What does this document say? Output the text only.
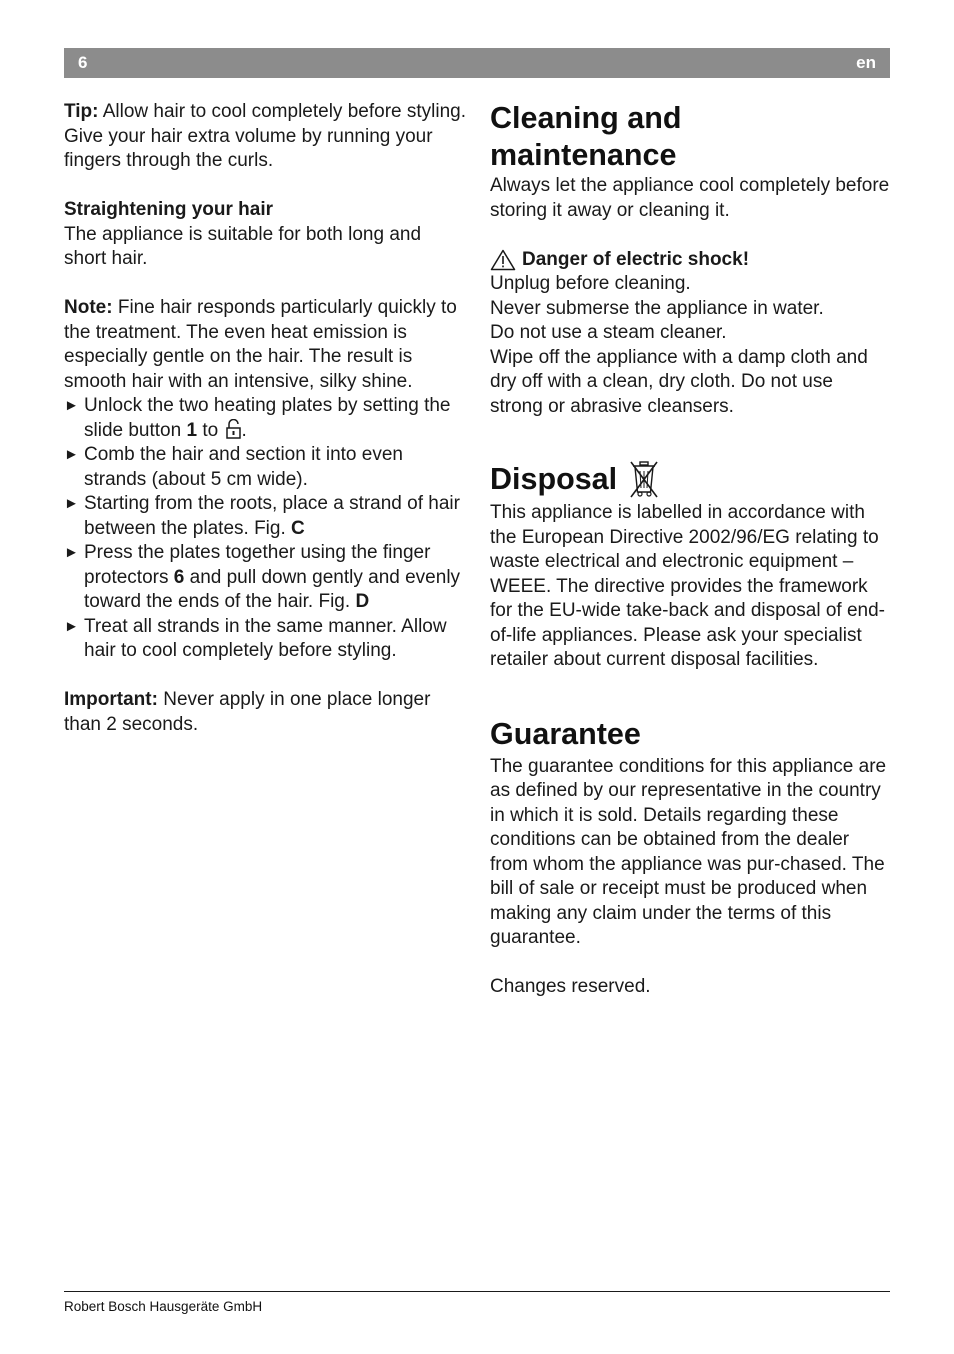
6	en

Tip: Allow hair to cool completely before styling.

Give your hair extra volume by running your fingers through the curls.

Straightening your hair

The appliance is suitable for both long and short hair.

Note: Fine hair responds particularly quickly to the treatment. The even heat emission is especially gentle on the hair. The result is smooth hair with an intensive, silky shine.

► Unlock the two heating plates by setting the slide button 1 to .
► Comb the hair and section it into even strands (about 5 cm wide).
► Starting from the roots, place a strand of hair between the plates. Fig. C
► Press the plates together using the finger protectors 6 and pull down gently and evenly toward the ends of the hair. Fig. D
► Treat all strands in the same manner. Allow hair to cool completely before styling.

Important: Never apply in one place longer than 2 seconds.

Cleaning and
maintenance

Always let the appliance cool completely before storing it away or cleaning it.

Danger of electric shock!

Unplug before cleaning.

Never submerse the appliance in water.

Do not use a steam cleaner.

Wipe off the appliance with a damp cloth and dry off with a clean, dry cloth. Do not use strong or abrasive cleansers.

Disposal

This appliance is labelled in accordance with the European Directive 2002/96/EG relating to waste electrical and electronic equipment – WEEE. The directive provides the framework for the EU-wide take-back and disposal of end-of-life appliances. Please ask your specialist retailer about current disposal facilities.

Guarantee

The guarantee conditions for this appliance are as defined by our representative in the country in which it is sold. Details regarding these conditions can be obtained from the dealer from whom the appliance was pur-chased. The bill of sale or receipt must be produced when making any claim under the terms of this guarantee.

Changes reserved.

Robert Bosch Hausgeräte GmbH
